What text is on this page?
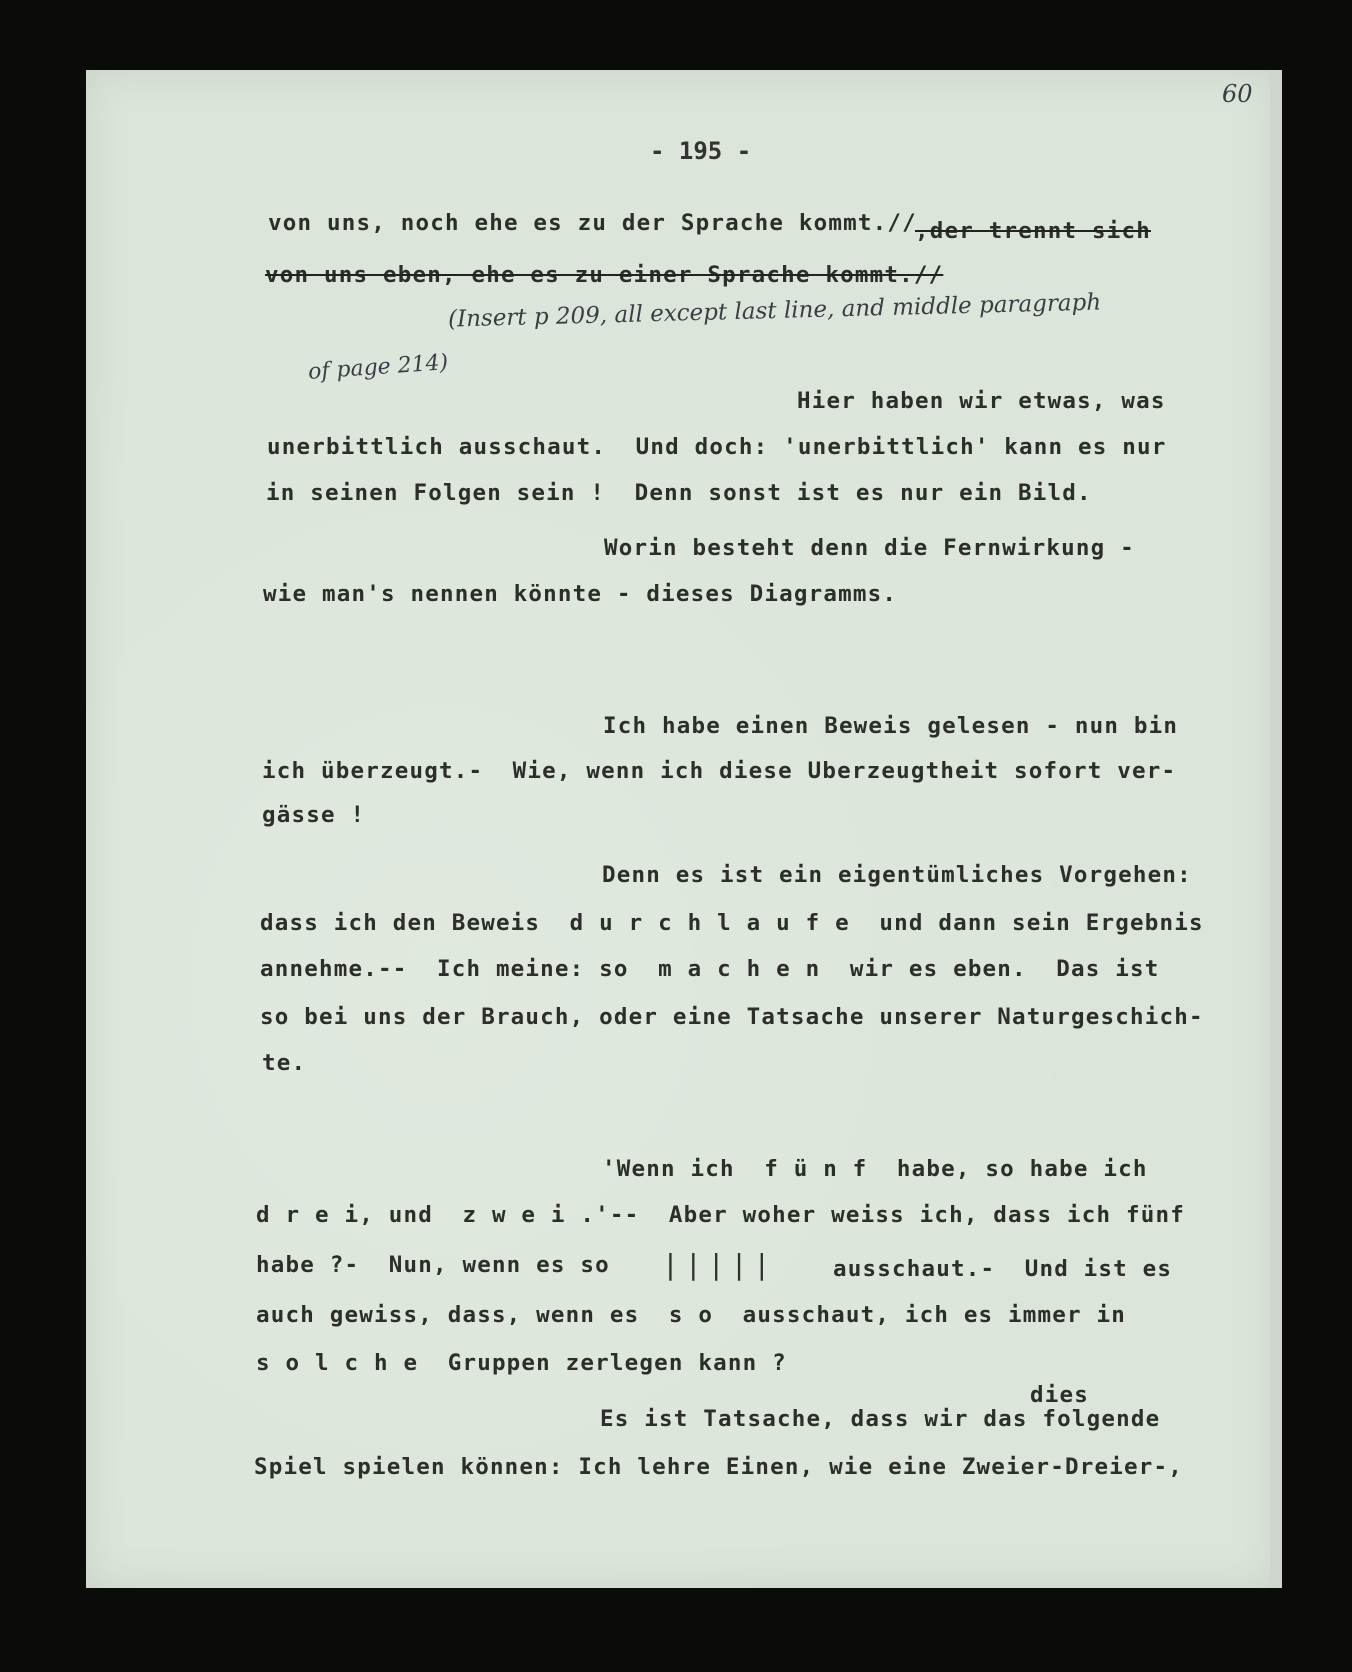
60
- 195 -
von uns, noch ehe es zu der Sprache kommt.//
,der trennt sich
von uns eben, ehe es zu einer Sprache kommt.//
(Insert p 209, all except last line, and middle paragraph
of page 214)
Hier haben wir etwas, was
unerbittlich ausschaut.  Und doch: 'unerbittlich' kann es nur
in seinen Folgen sein !  Denn sonst ist es nur ein Bild.
Worin besteht denn die Fernwirkung -
wie man's nennen könnte - dieses Diagramms.
Ich habe einen Beweis gelesen - nun bin
ich überzeugt.-  Wie, wenn ich diese Uberzeugtheit sofort ver-
gässe !
Denn es ist ein eigentümliches Vorgehen:
dass ich den Beweis  d u r c h l a u f e  und dann sein Ergebnis
annehme.--  Ich meine: so  m a c h e n  wir es eben.  Das ist
so bei uns der Brauch, oder eine Tatsache unserer Naturgeschich-
te.
'Wenn ich  f ü n f  habe, so habe ich
d r e i, und  z w e i .'--  Aber woher weiss ich, dass ich fünf
habe ?-  Nun, wenn es so |||||	ausschaut.-  Und ist es
auch gewiss, dass, wenn es  s o  ausschaut, ich es immer in
s o l c h e  Gruppen zerlegen kann ?
dies
Es ist Tatsache, dass wir das folgende
Spiel spielen können: Ich lehre Einen, wie eine Zweier-Dreier-,
